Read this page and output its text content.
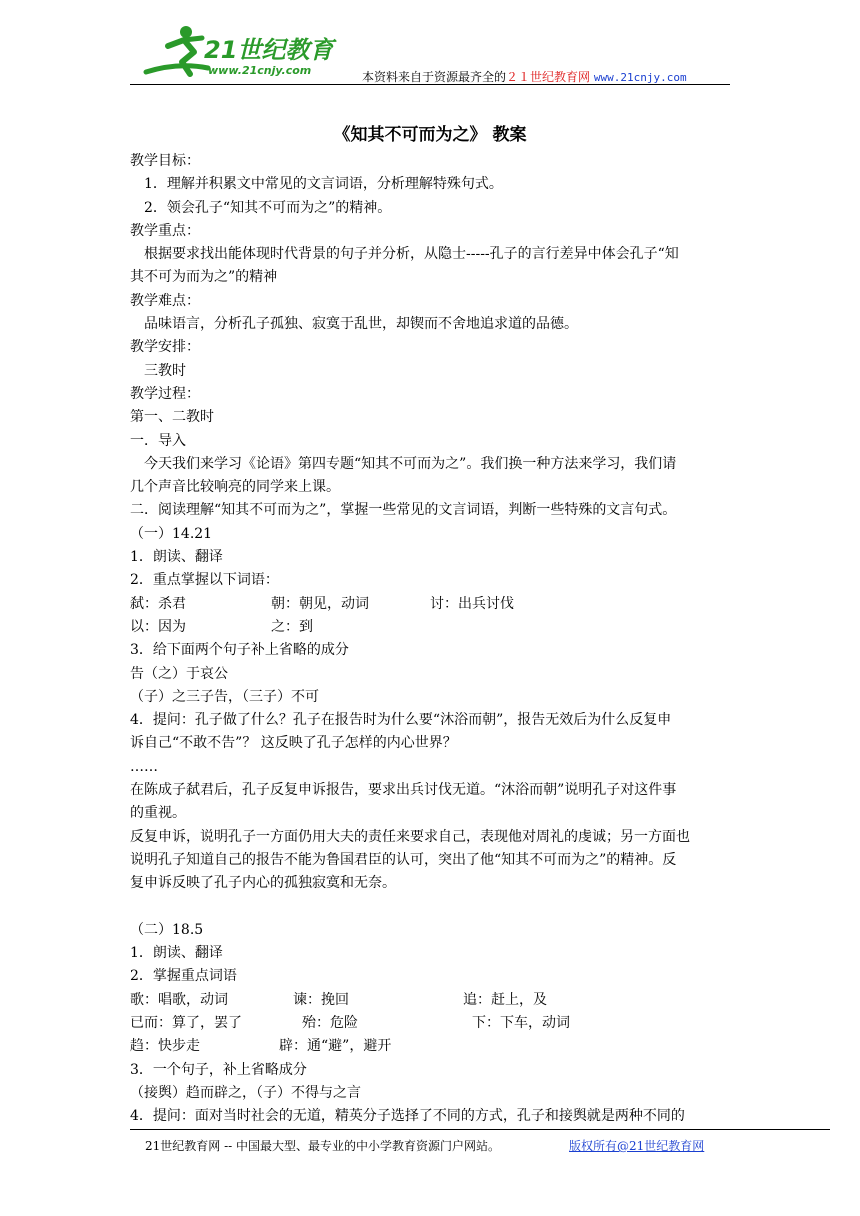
21世纪教育
www.21cnjy.com	本资料来自于资源最齐全的２１世纪教育网 www.21cnjy.com
《知其不可而为之》 教案
教学目标：
1．理解并积累文中常见的文言词语，分析理解特殊句式。
2．领会孔子“知其不可而为之”的精神。
教学重点：
根据要求找出能体现时代背景的句子并分析，从隐士-----孔子的言行差异中体会孔子“知
其不可为而为之”的精神
教学难点：
品味语言，分析孔子孤独、寂寞于乱世，却锲而不舍地追求道的品德。
教学安排：
三教时
教学过程：
第一、二教时
一．导入
今天我们来学习《论语》第四专题“知其不可而为之”。我们换一种方法来学习，我们请
几个声音比较响亮的同学来上课。
二．阅读理解“知其不可而为之”，掌握一些常见的文言词语，判断一些特殊的文言句式。
（一）14.21
1．朗读、翻译
2．重点掌握以下词语：
弑：杀君	朝：朝见，动词	讨：出兵讨伐
以：因为	之：到
3．给下面两个句子补上省略的成分
告（之）于哀公
（子）之三子告，（三子）不可
4．提问：孔子做了什么？孔子在报告时为什么要“沐浴而朝”，报告无效后为什么反复申
诉自己“不敢不告”？ 这反映了孔子怎样的内心世界？
……
在陈成子弑君后，孔子反复申诉报告，要求出兵讨伐无道。“沐浴而朝”说明孔子对这件事
的重视。
反复申诉，说明孔子一方面仍用大夫的责任来要求自己，表现他对周礼的虔诚；另一方面也
说明孔子知道自己的报告不能为鲁国君臣的认可，突出了他“知其不可而为之”的精神。反
复申诉反映了孔子内心的孤独寂寞和无奈。
（二）18.5
1．朗读、翻译
2．掌握重点词语
歌：唱歌，动词	谏：挽回	追：赶上，及
已而：算了，罢了	殆：危险	下：下车，动词
趋：快步走	辟：通“避”，避开
3．一个句子，补上省略成分
（接舆）趋而辟之，（子）不得与之言
4．提问：面对当时社会的无道，精英分子选择了不同的方式，孔子和接舆就是两种不同的
21世纪教育网 -- 中国最大型、最专业的中小学教育资源门户网站。	版权所有@21世纪教育网
